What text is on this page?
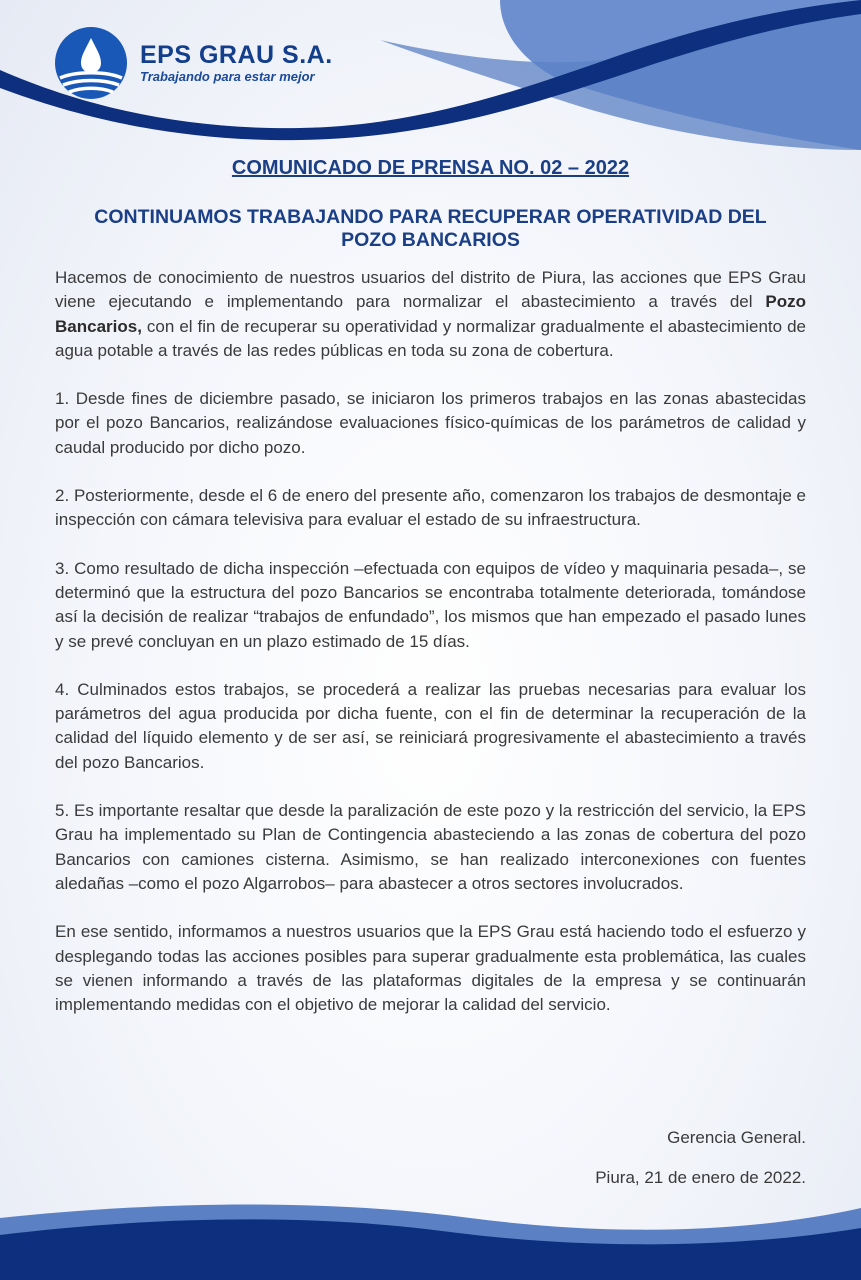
EPS GRAU S.A.
Trabajando para estar mejor
COMUNICADO DE PRENSA NO. 02 – 2022
CONTINUAMOS TRABAJANDO PARA RECUPERAR OPERATIVIDAD DEL POZO BANCARIOS

Hacemos de conocimiento de nuestros usuarios del distrito de Piura, las acciones que EPS Grau viene ejecutando e implementando para normalizar el abastecimiento a través del Pozo Bancarios, con el fin de recuperar su operatividad y normalizar gradualmente el abastecimiento de agua potable a través de las redes públicas en toda su zona de cobertura.

1. Desde fines de diciembre pasado, se iniciaron los primeros trabajos en las zonas abastecidas por el pozo Bancarios, realizándose evaluaciones físico-químicas de los parámetros de calidad y caudal producido por dicho pozo.

2. Posteriormente, desde el 6 de enero del presente año, comenzaron los trabajos de desmontaje e inspección con cámara televisiva para evaluar el estado de su infraestructura.

3. Como resultado de dicha inspección –efectuada con equipos de vídeo y maquinaria pesada–, se determinó que la estructura del pozo Bancarios se encontraba totalmente deteriorada, tomándose así la decisión de realizar “trabajos de enfundado”, los mismos que han empezado el pasado lunes y se prevé concluyan en un plazo estimado de 15 días.

4. Culminados estos trabajos, se procederá a realizar las pruebas necesarias para evaluar los parámetros del agua producida por dicha fuente, con el fin de determinar la recuperación de la calidad del líquido elemento y de ser así, se reiniciará progresivamente el abastecimiento a través del pozo Bancarios.

5. Es importante resaltar que desde la paralización de este pozo y la restricción del servicio, la EPS Grau ha implementado su Plan de Contingencia abasteciendo a las zonas de cobertura del pozo Bancarios con camiones cisterna. Asimismo, se han realizado interconexiones con fuentes aledañas –como el pozo Algarrobos– para abastecer a otros sectores involucrados.

En ese sentido, informamos a nuestros usuarios que la EPS Grau está haciendo todo el esfuerzo y desplegando todas las acciones posibles para superar gradualmente esta problemática, las cuales se vienen informando a través de las plataformas digitales de la empresa y se continuarán implementando medidas con el objetivo de mejorar la calidad del servicio.

Gerencia General.
Piura, 21 de enero de 2022.
